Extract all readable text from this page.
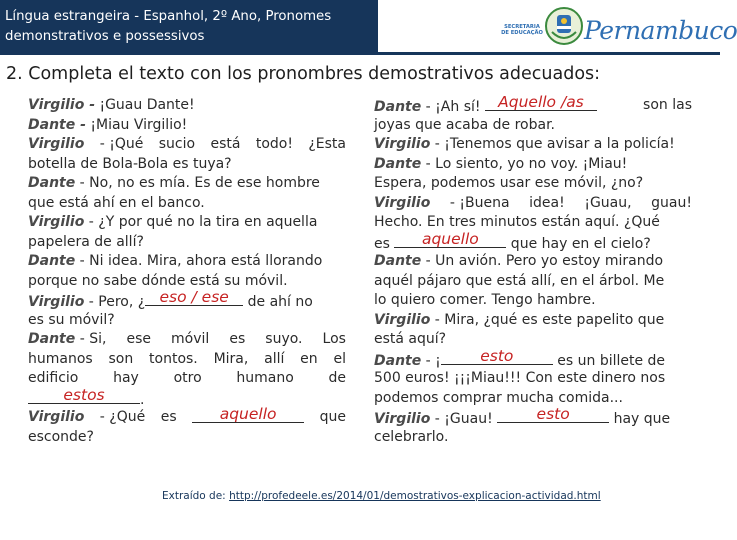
Língua estrangeira - Espanhol, 2º Ano, Pronomes
demonstrativos e possessivos
SECRETARIA
DE EDUCAÇÃO Pernambuco
2. Completa el texto con los pronombres demostrativos adecuados:
Virgilio - ¡Guau Dante!
Dante - ¡Miau Virgilio!
Virgilio - ¡Qué sucio está todo! ¿Esta
botella de Bola-Bola es tuya?
Dante - No, no es mía. Es de ese hombre
que está ahí en el banco.
Virgilio - ¿Y por qué no la tira en aquella
papelera de allí?
Dante - Ni idea. Mira, ahora está llorando
porque no sabe dónde está su móvil.
Virgilio - Pero, ¿ eso / ese	de ahí no
es su móvil?
Dante - Si, ese móvil es suyo. Los
humanos son tontos. Mira, allí en el
edificio hay otro humano de
estos	.
Virgilio - ¿Qué es	aquello	que
esconde?
Dante - ¡Ah sí! Aquello /as	son las
joyas que acaba de robar.
Virgilio - ¡Tenemos que avisar a la policía!
Dante - Lo siento, yo no voy. ¡Miau!
Espera, podemos usar ese móvil, ¿no?
Virgilio - ¡Buena idea! ¡Guau, guau!
Hecho. En tres minutos están aquí. ¿Qué
es	aquello	que hay en el cielo?
Dante - Un avión. Pero yo estoy mirando
aquél pájaro que está allí, en el árbol. Me
lo quiero comer. Tengo hambre.
Virgilio - Mira, ¿qué es este papelito que
está aquí?
Dante - ¡	esto	es un billete de
500 euros! ¡¡¡Miau!!! Con este dinero nos
podemos comprar mucha comida...
Virgilio - ¡Guau!	esto	hay que
celebrarlo.
Extraído de: http://profedeele.es/2014/01/demostrativos-explicacion-actividad.html
